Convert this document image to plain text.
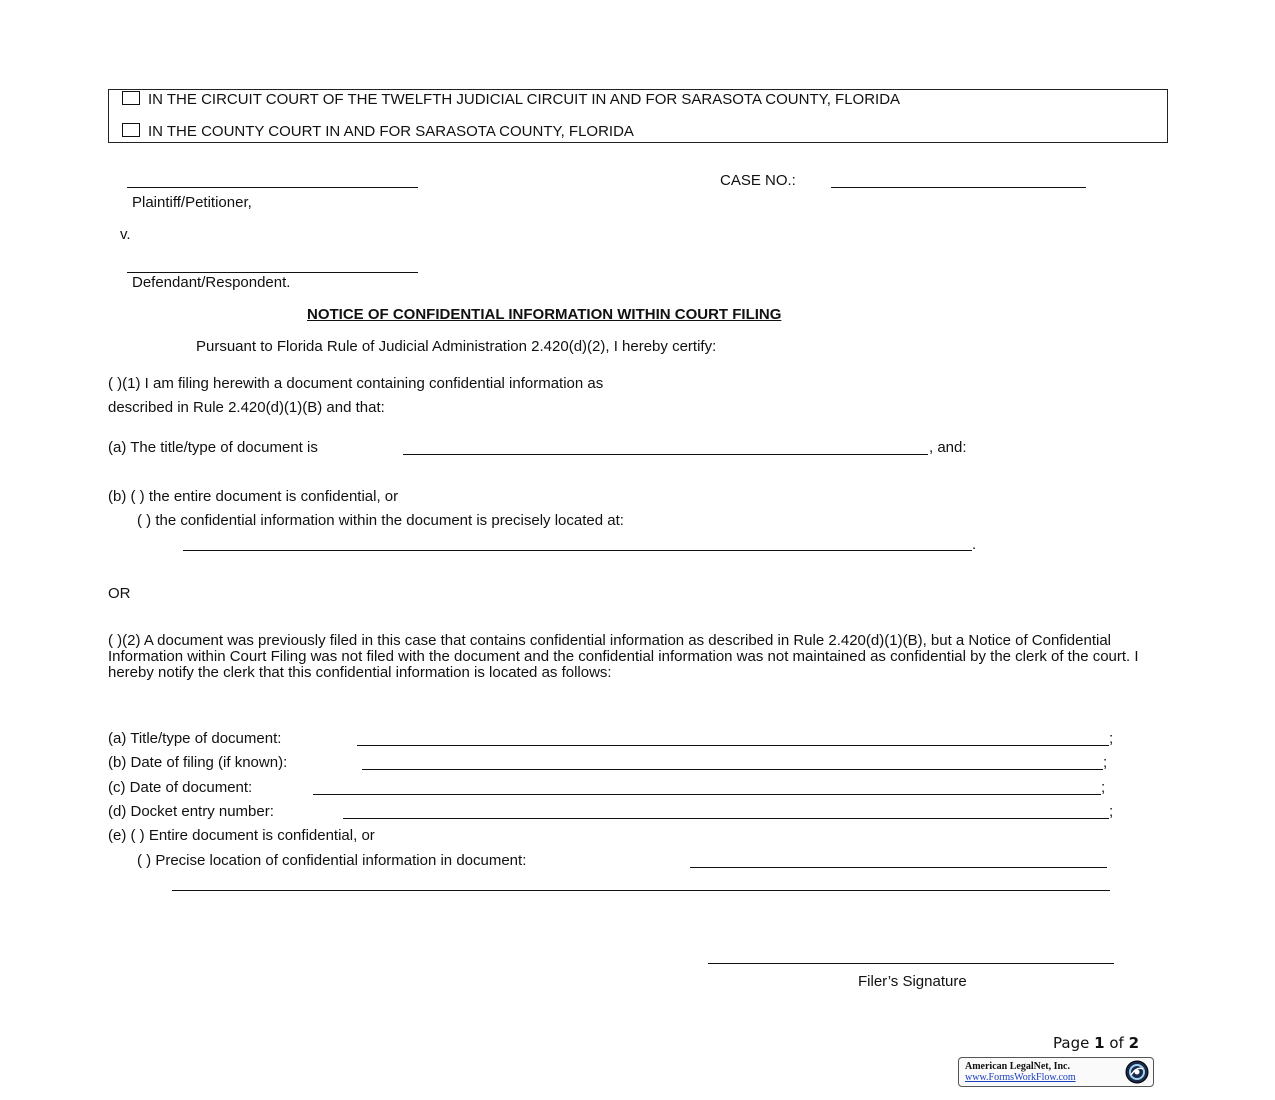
IN THE CIRCUIT COURT OF THE TWELFTH JUDICIAL CIRCUIT IN AND FOR SARASOTA COUNTY, FLORIDA
IN THE COUNTY COURT IN AND FOR SARASOTA COUNTY, FLORIDA
Plaintiff/Petitioner,
v.
Defendant/Respondent.
CASE NO.:
NOTICE OF CONFIDENTIAL INFORMATION WITHIN COURT FILING
Pursuant to Florida Rule of Judicial Administration 2.420(d)(2), I hereby certify:
( )(1) I am filing herewith a document containing confidential information as
described in Rule 2.420(d)(1)(B) and that:
(a) The title/type of document is	, and:
(b) ( ) the entire document is confidential, or
( ) the confidential information within the document is precisely located at:
.
OR
( )(2) A document was previously filed in this case that contains confidential information as described in Rule 2.420(d)(1)(B), but a Notice of Confidential Information within Court Filing was not filed with the document and the confidential information was not maintained as confidential by the clerk of the court. I hereby notify the clerk that this confidential information is located as follows:
(a) Title/type of document:	;
(b) Date of filing (if known):	;
(c) Date of document:	;
(d) Docket entry number:	;
(e) ( ) Entire document is confidential, or
( ) Precise location of confidential information in document:
Filer’s Signature
Page 1 of 2
American LegalNet, Inc.
www.FormsWorkFlow.com
